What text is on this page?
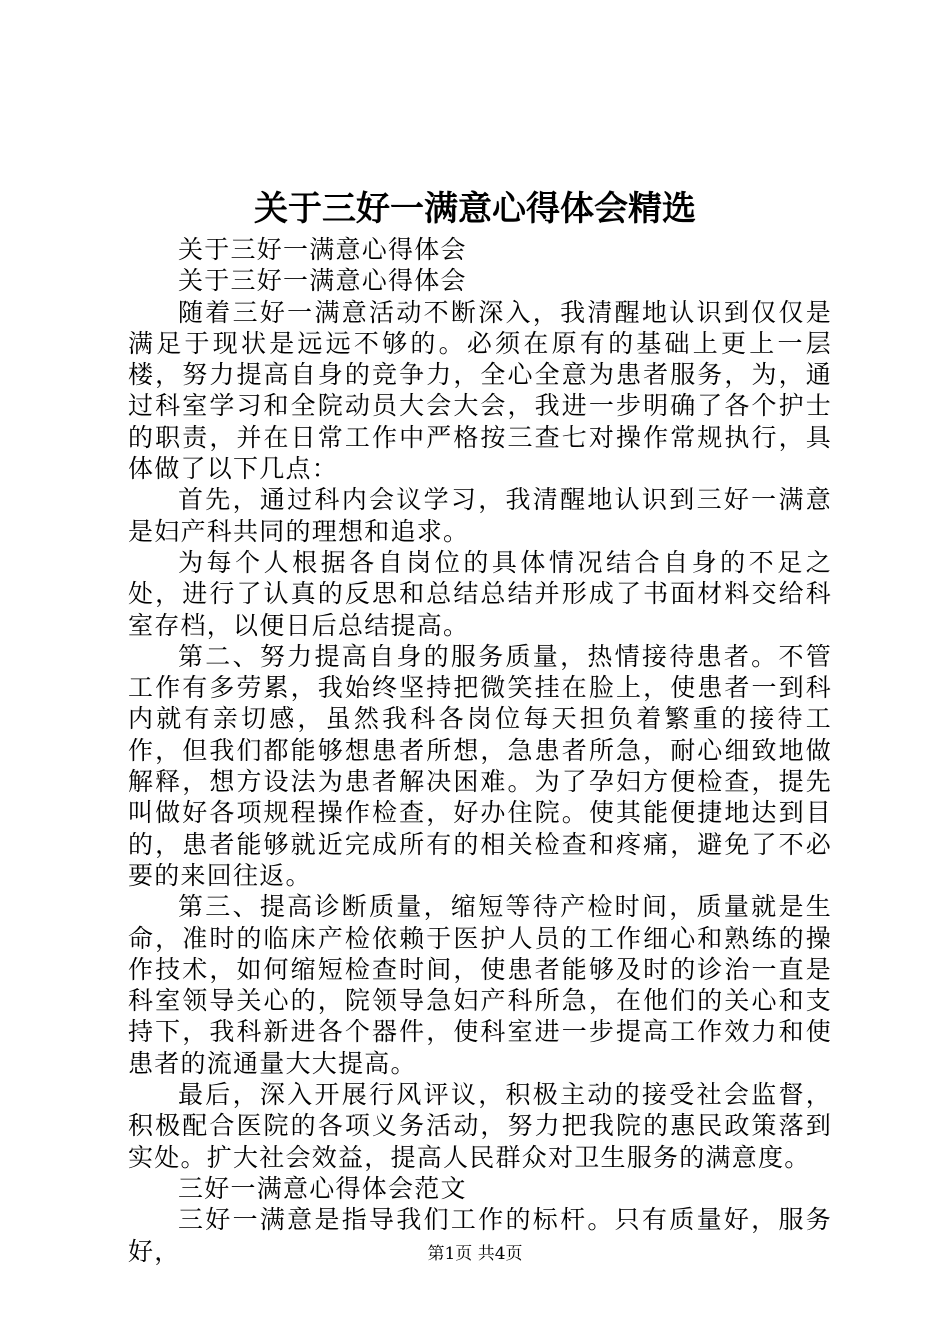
关于三好一满意心得体会精选

关于三好一满意心得体会

关于三好一满意心得体会

随着三好一满意活动不断深入，我清醒地认识到仅仅是满足于现状是远远不够的。必须在原有的基础上更上一层楼，努力提高自身的竞争力，全心全意为患者服务，为，通过科室学习和全院动员大会大会，我进一步明确了各个护士的职责，并在日常工作中严格按三查七对操作常规执行，具体做了以下几点：

首先，通过科内会议学习，我清醒地认识到三好一满意是妇产科共同的理想和追求。

为每个人根据各自岗位的具体情况结合自身的不足之处，进行了认真的反思和总结总结并形成了书面材料交给科室存档，以便日后总结提高。

第二、努力提高自身的服务质量，热情接待患者。不管工作有多劳累，我始终坚持把微笑挂在脸上，使患者一到科内就有亲切感，虽然我科各岗位每天担负着繁重的接待工作，但我们都能够想患者所想，急患者所急，耐心细致地做解释，想方设法为患者解决困难。为了孕妇方便检查，提先叫做好各项规程操作检查，好办住院。使其能便捷地达到目的，患者能够就近完成所有的相关检查和疼痛，避免了不必要的来回往返。

第三、提高诊断质量，缩短等待产检时间，质量就是生命，准时的临床产检依赖于医护人员的工作细心和熟练的操作技术，如何缩短检查时间，使患者能够及时的诊治一直是科室领导关心的，院领导急妇产科所急，在他们的关心和支持下，我科新进各个器件，使科室进一步提高工作效力和使患者的流通量大大提高。

最后，深入开展行风评议，积极主动的接受社会监督，积极配合医院的各项义务活动，努力把我院的惠民政策落到实处。扩大社会效益，提高人民群众对卫生服务的满意度。

三好一满意心得体会范文

三好一满意是指导我们工作的标杆。只有质量好，服务好，	第1页 共4页
